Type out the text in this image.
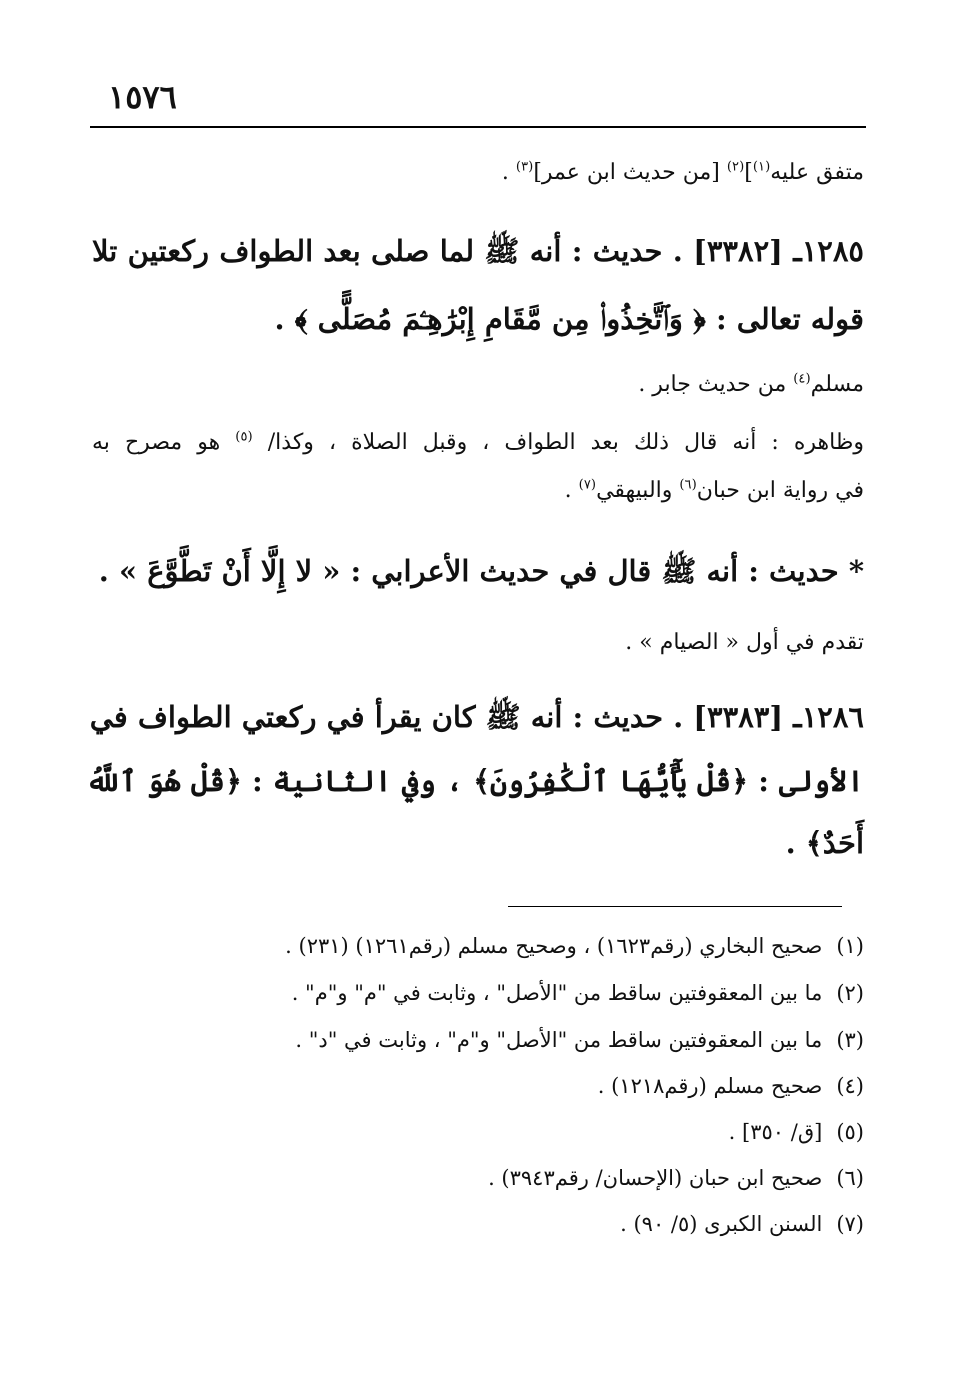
١٥٧٦
متفق عليه$^{(١)}$]$^{(٢)}$ [من حديث ابن عمر]$^{(٣)}$ .
١٢٨٥ـ [٣٣٨٢] . حديث : أنه ﷺ لما صلى بعد الطواف ركعتين تلا
قوله تعالى : ﴿ وَٱتَّخِذُوا۟ مِن مَّقَامِ إِبْرَٰهِـۧمَ مُصَلًّى ﴾ .
مسلم$^{(٤)}$ من حديث جابر .
وظاهره : أنه قال ذلك بعد الطواف ، وقبل الصلاة ، وكذا/ $^{(٥)}$ هو مصرح به
في رواية ابن حبان$^{(٦)}$ والبيهقي$^{(٧)}$ .
* حديث : أنه ﷺ قال في حديث الأعرابي : « لا إِلَّا أَنْ تَطَّوَّعَ » .
تقدم في أول « الصيام » .
١٢٨٦ـ [٣٣٨٣] . حديث : أنه ﷺ كان يقرأ في ركعتي الطواف في
الأولى : ﴿قُلْ يَٰٓأَيُّهَا ٱلْكَٰفِرُونَ﴾ ، وفي الثانية : ﴿قُلْ هُوَ ٱللَّهُ
أَحَدٌ﴾ .
(١)صحيح البخاري (رقم١٦٢٣) ، وصحيح مسلم (رقم١٢٦١) (٢٣١) .
(٢)ما بين المعقوفتين ساقط من "الأصل" ، وثابت في "م" و"م" .
(٣)ما بين المعقوفتين ساقط من "الأصل" و"م" ، وثابت في "د" .
(٤)صحيح مسلم (رقم١٢١٨) .
(٥)[ق/ ٣٥٠] .
(٦)صحيح ابن حبان (الإحسان/ رقم٣٩٤٣) .
(٧)السنن الكبرى (٥/ ٩٠) .
